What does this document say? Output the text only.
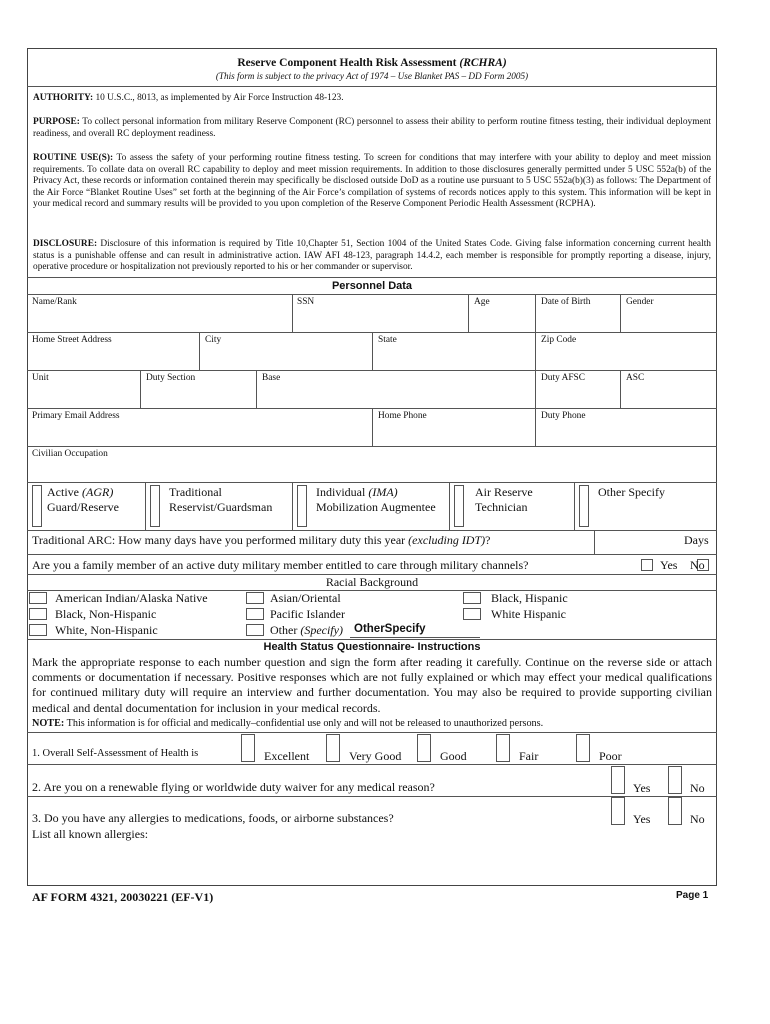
Reserve Component Health Risk Assessment (RCHRA)
(This form is subject to the privacy Act of 1974 – Use Blanket PAS – DD Form 2005)
AUTHORITY: 10 U.S.C., 8013, as implemented by Air Force Instruction 48-123.
PURPOSE: To collect personal information from military Reserve Component (RC) personnel to assess their ability to perform routine fitness testing, their individual deployment readiness, and overall RC deployment readiness.
ROUTINE USE(S): To assess the safety of your performing routine fitness testing. To screen for conditions that may interfere with your ability to deploy and meet mission requirements. To collate data on overall RC capability to deploy and meet mission requirements. In addition to those disclosures generally permitted under 5 USC 552a(b) of the Privacy Act, these records or information contained therein may specifically be disclosed outside DoD as a routine use pursuant to 5 USC 552a(b)(3) as follows: The Department of the Air Force “Blanket Routine Uses” set forth at the beginning of the Air Force’s compilation of systems of records notices apply to this system. This information will be kept in your medical record and summary results will be provided to you upon completion of the Reserve Component Periodic Health Assessment (RCPHA).
DISCLOSURE: Disclosure of this information is required by Title 10,Chapter 51, Section 1004 of the United States Code. Giving false information concerning current health status is a punishable offense and can result in administrative action. IAW AFI 48-123, paragraph 14.4.2, each member is responsible for promptly reporting a disease, injury, operative procedure or hospitalization not previously reported to his or her commander or supervisor.
Personnel Data
Name/Rank	SSN	Age	Date of Birth	Gender
Home Street Address	City	State	Zip Code
Unit	Duty Section	Base	Duty AFSC	ASC
Primary Email Address	Home Phone	Duty Phone
Civilian Occupation
Active (AGR)
Guard/Reserve
Traditional
Reservist/Guardsman
Individual (IMA)
Mobilization Augmentee
Air Reserve
Technician
Other Specify
Traditional ARC: How many days have you performed military duty this year (excluding IDT)?	Days
Are you a family member of an active duty military member entitled to care through military channels?	Yes No
Racial Background
American Indian/Alaska Native	Asian/Oriental	Black, Hispanic
Black, Non-Hispanic	Pacific Islander	White Hispanic
White, Non-Hispanic	Other (Specify) OtherSpecify
Health Status Questionnaire- Instructions
Mark the appropriate response to each number question and sign the form after reading it carefully. Continue on the reverse side or attach comments or documentation if necessary. Positive responses which are not fully explained or which may effect your medical qualifications for continued military duty will require an interview and further documentation. You may also be required to provide supporting civilian medical and dental documentation for inclusion in your medical records.
NOTE: This information is for official and medically–confidential use only and will not be released to unauthorized persons.
1. Overall Self-Assessment of Health is	Excellent	Very Good	Good	Fair	Poor
2. Are you on a renewable flying or worldwide duty waiver for any medical reason?	Yes	No
3. Do you have any allergies to medications, foods, or airborne substances?	Yes	No
List all known allergies:
AF FORM 4321, 20030221 (EF-V1)	Page 1
